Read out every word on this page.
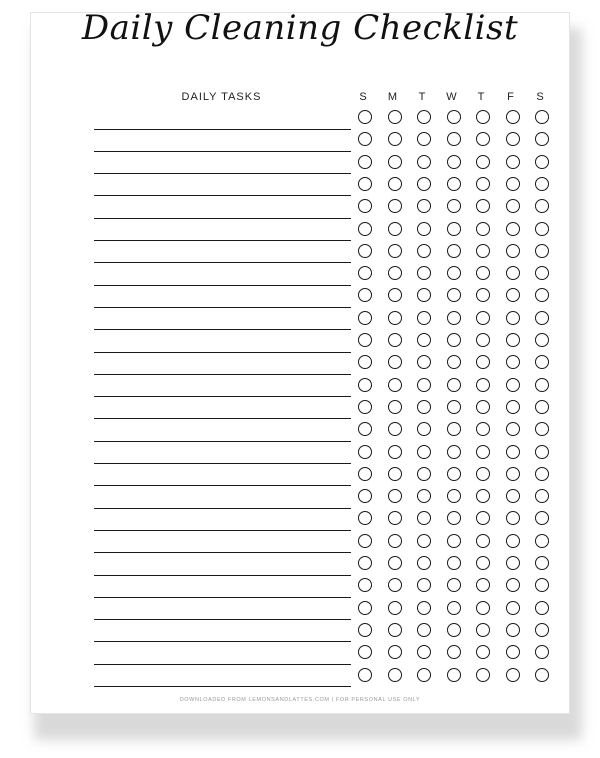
Daily Cleaning Checklist
DAILY TASKS	S	M	T	W	T	F	S
DOWNLOADED FROM LEMONSANDLATTES.COM | FOR PERSONAL USE ONLY
